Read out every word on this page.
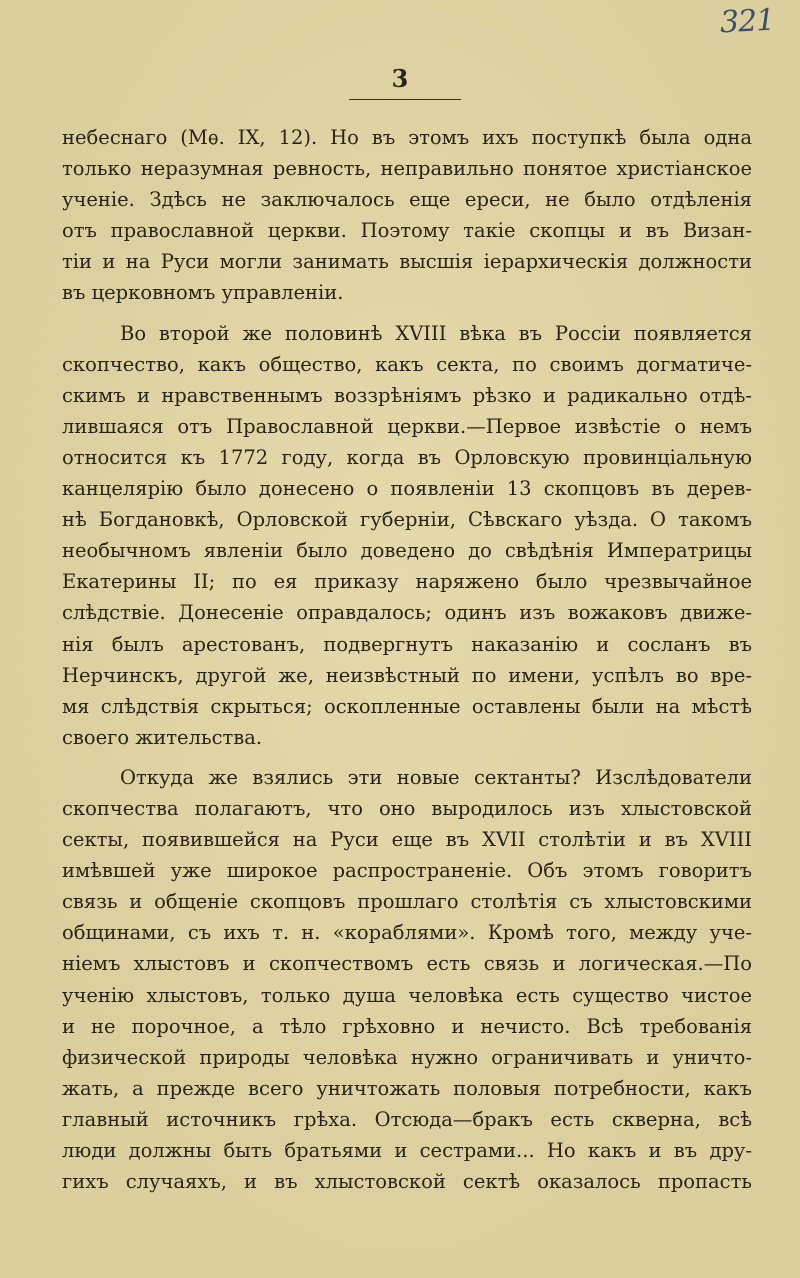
321
3
небеснаго (Мѳ. IX, 12). Но въ этомъ ихъ поступкѣ была одна
только неразумная ревность, неправильно понятое христіанское
ученіе. Здѣсь не заключалось еще ереси, не было отдѣленія
отъ православной церкви. Поэтому такіе скопцы и въ Визан-
тіи и на Руси могли занимать высшія іерархическія должности
въ церковномъ управленіи.
Во второй же половинѣ XVIII вѣка въ Россіи появляется
скопчество, какъ общество, какъ секта, по своимъ догматиче-
скимъ и нравственнымъ воззрѣніямъ рѣзко и радикально отдѣ-
лившаяся отъ Православной церкви.—Первое извѣстіе о немъ
относится къ 1772 году, когда въ Орловскую провинціальную
канцелярію было донесено о появленіи 13 скопцовъ въ дерев-
нѣ Богдановкѣ, Орловской губерніи, Сѣвскаго уѣзда. О такомъ
необычномъ явленіи было доведено до свѣдѣнія Императрицы
Екатерины II; по ея приказу наряжено было чрезвычайное
слѣдствіе. Донесеніе оправдалось; одинъ изъ вожаковъ движе-
нія былъ арестованъ, подвергнутъ наказанію и сосланъ въ
Нерчинскъ, другой же, неизвѣстный по имени, успѣлъ во вре-
мя слѣдствія скрыться; оскопленные оставлены были на мѣстѣ
своего жительства.
Откуда же взялись эти новые сектанты? Изслѣдователи
скопчества полагаютъ, что оно выродилось изъ хлыстовской
секты, появившейся на Руси еще въ XVII столѣтіи и въ XVIII
имѣвшей уже широкое распространеніе. Объ этомъ говоритъ
связь и общеніе скопцовъ прошлаго столѣтія съ хлыстовскими
общинами, съ ихъ т. н. «кораблями». Кромѣ того, между уче-
ніемъ хлыстовъ и скопчествомъ есть связь и логическая.—По
ученію хлыстовъ, только душа человѣка есть существо чистое
и не порочное, а тѣло грѣховно и нечисто. Всѣ требованія
физической природы человѣка нужно ограничивать и уничто-
жать, а прежде всего уничтожать половыя потребности, какъ
главный источникъ грѣха. Отсюда—бракъ есть скверна, всѣ
люди должны быть братьями и сестрами... Но какъ и въ дру-
гихъ случаяхъ, и въ хлыстовской сектѣ оказалось пропасть
